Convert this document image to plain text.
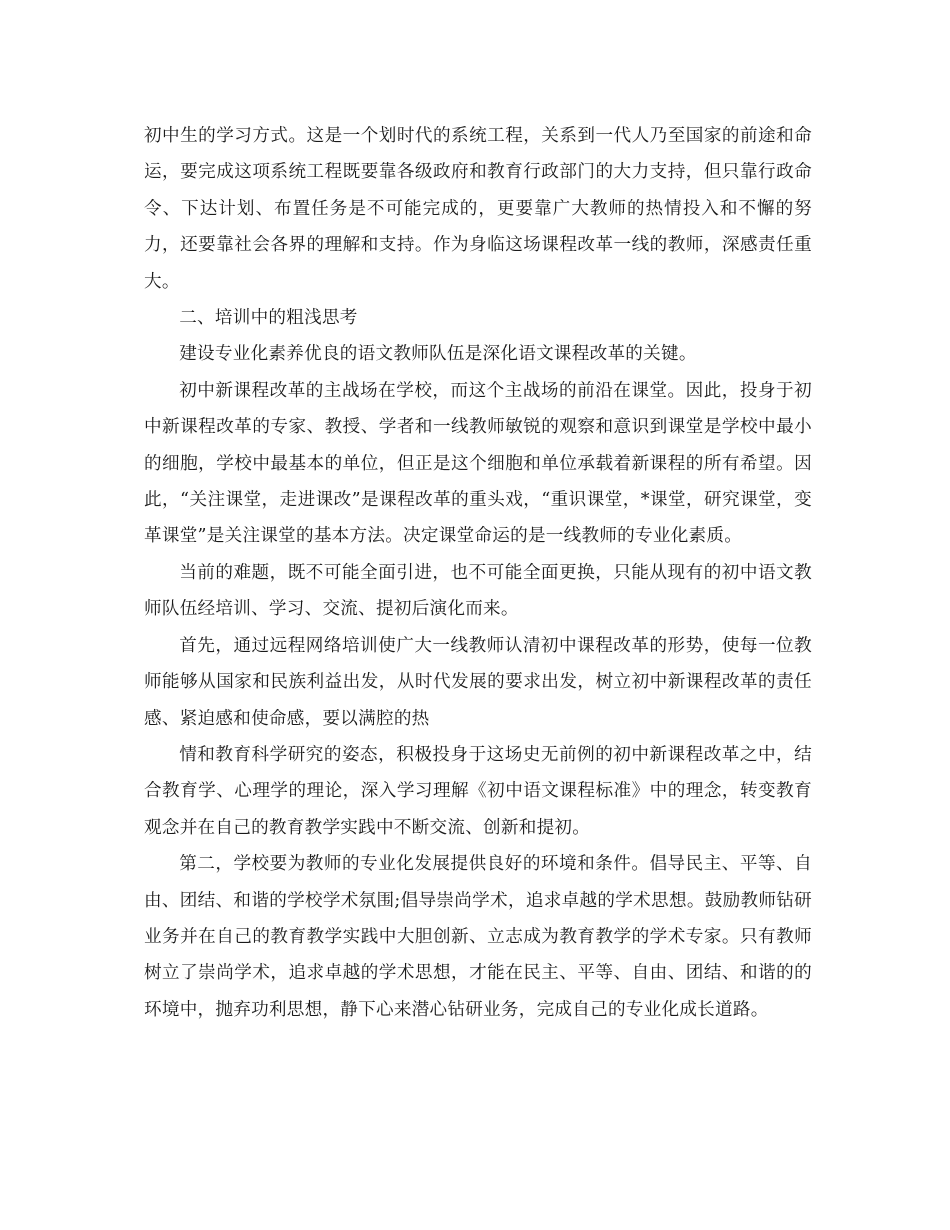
初中生的学习方式。这是一个划时代的系统工程，关系到一代人乃至国家的前途和命运，要完成这项系统工程既要靠各级政府和教育行政部门的大力支持，但只靠行政命令、下达计划、布置任务是不可能完成的，更要靠广大教师的热情投入和不懈的努力，还要靠社会各界的理解和支持。作为身临这场课程改革一线的教师，深感责任重大。

二、培训中的粗浅思考

建设专业化素养优良的语文教师队伍是深化语文课程改革的关键。

初中新课程改革的主战场在学校，而这个主战场的前沿在课堂。因此，投身于初中新课程改革的专家、教授、学者和一线教师敏锐的观察和意识到课堂是学校中最小的细胞，学校中最基本的单位，但正是这个细胞和单位承载着新课程的所有希望。因此，“关注课堂，走进课改”是课程改革的重头戏，“重识课堂，*课堂，研究课堂，变革课堂”是关注课堂的基本方法。决定课堂命运的是一线教师的专业化素质。

当前的难题，既不可能全面引进，也不可能全面更换，只能从现有的初中语文教师队伍经培训、学习、交流、提初后演化而来。

首先，通过远程网络培训使广大一线教师认清初中课程改革的形势，使每一位教师能够从国家和民族利益出发，从时代发展的要求出发，树立初中新课程改革的责任感、紧迫感和使命感，要以满腔的热

情和教育科学研究的姿态，积极投身于这场史无前例的初中新课程改革之中，结合教育学、心理学的理论，深入学习理解《初中语文课程标准》中的理念，转变教育观念并在自己的教育教学实践中不断交流、创新和提初。

第二，学校要为教师的专业化发展提供良好的环境和条件。倡导民主、平等、自由、团结、和谐的学校学术氛围;倡导崇尚学术，追求卓越的学术思想。鼓励教师钻研业务并在自己的教育教学实践中大胆创新、立志成为教育教学的学术专家。只有教师树立了崇尚学术，追求卓越的学术思想，才能在民主、平等、自由、团结、和谐的的环境中，抛弃功利思想，静下心来潜心钻研业务，完成自己的专业化成长道路。
